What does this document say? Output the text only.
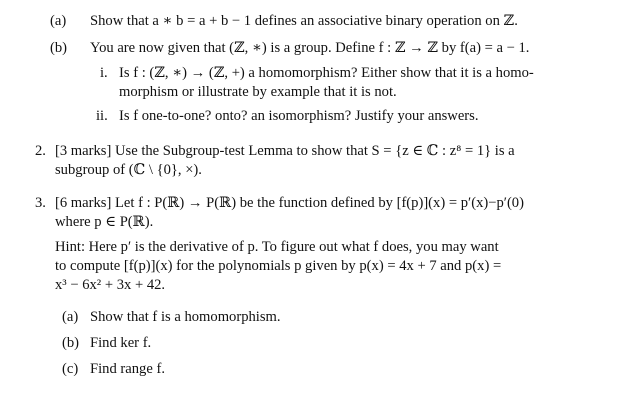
(a) Show that a ∗ b = a + b − 1 defines an associative binary operation on ℤ.
(b) You are now given that (ℤ, ∗) is a group. Define f : ℤ → ℤ by f(a) = a − 1.
i. Is f : (ℤ, ∗) → (ℤ, +) a homomorphism? Either show that it is a homo-
morphism or illustrate by example that it is not.
ii. Is f one-to-one? onto? an isomorphism? Justify your answers.
2. [3 marks] Use the Subgroup-test Lemma to show that S = {z ∈ ℂ : z⁸ = 1} is a
subgroup of (ℂ \ {0}, ×).
3. [6 marks] Let f : P(ℝ) → P(ℝ) be the function defined by [f(p)](x) = p′(x)−p′(0)
where p ∈ P(ℝ).
Hint: Here p′ is the derivative of p. To figure out what f does, you may want
to compute [f(p)](x) for the polynomials p given by p(x) = 4x + 7 and p(x) =
x³ − 6x² + 3x + 42.
(a) Show that f is a homomorphism.
(b) Find ker f.
(c) Find range f.
